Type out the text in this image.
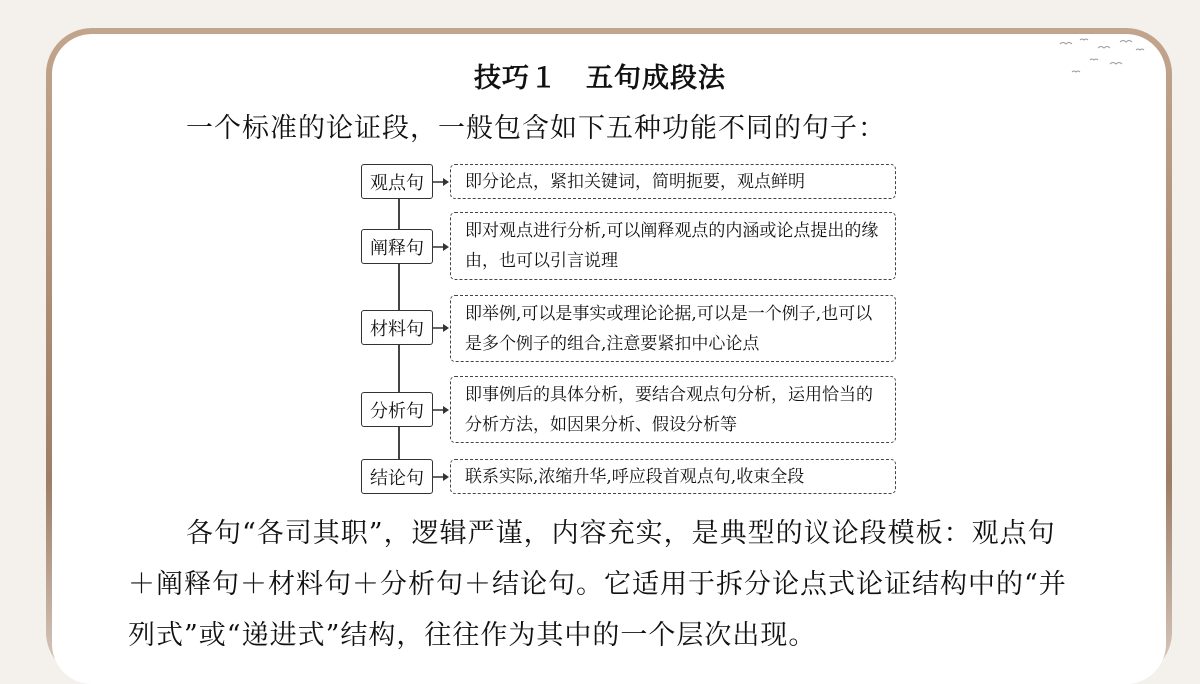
技巧１　五句成段法
一个标准的论证段，一般包含如下五种功能不同的句子：
观点句	即分论点，紧扣关键词，简明扼要，观点鲜明
阐释句
即对观点进行分析,可以阐释观点的内涵或论点提出的缘由，也可以引言说理
材料句
即举例,可以是事实或理论论据,可以是一个例子,也可以是多个例子的组合,注意要紧扣中心论点
分析句
即事例后的具体分析，要结合观点句分析，运用恰当的分析方法，如因果分析、假设分析等
结论句	联系实际,浓缩升华,呼应段首观点句,收束全段
各句“各司其职”，逻辑严谨，内容充实，是典型的议论段模板：观点句＋阐释句＋材料句＋分析句＋结论句。它适用于拆分论点式论证结构中的“并列式”或“递进式”结构，往往作为其中的一个层次出现。
